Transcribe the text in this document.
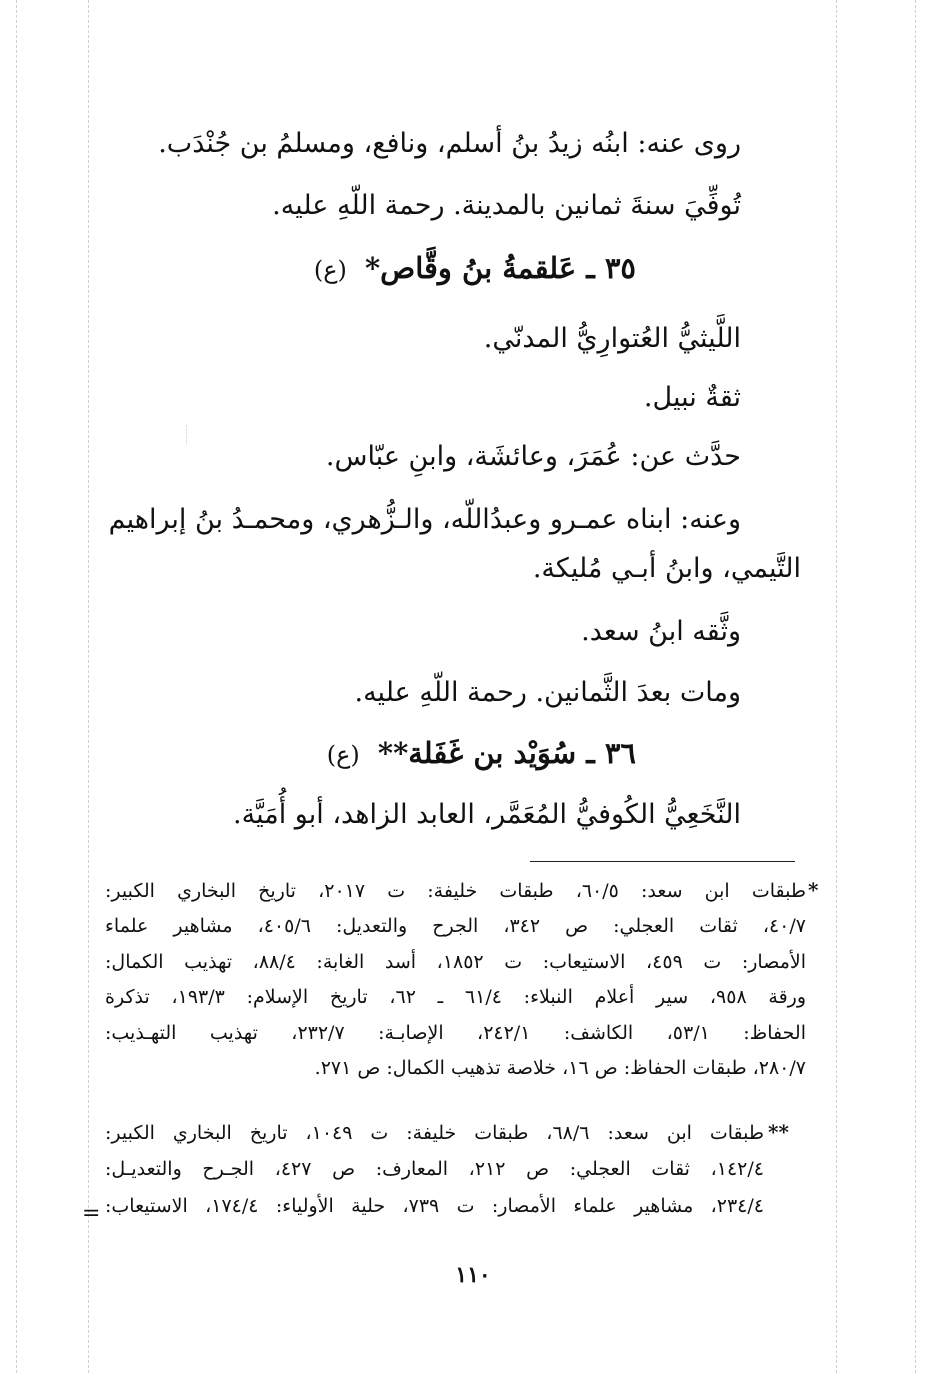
روى عنه: ابنُه زيدُ بنُ أسلم، ونافع، ومسلمُ بن جُنْدَب.
تُوفِّيَ سنةَ ثمانين بالمدينة. رحمة اللّهِ عليه.
٣٥ ـ عَلقمةُ بنُ وقَّاص* (ع)
اللَّيثيُّ العُتوارِيُّ المدنّي.
ثقةٌ نبيل.
حدَّث عن: عُمَرَ، وعائشَة، وابنِ عبّاس.
وعنه: ابناه عمـرو وعبدُاللّه، والـزُّهري، ومحمـدُ بنُ إبراهيم
التَّيمي، وابنُ أبـي مُليكة.
وثَّقه ابنُ سعد.
ومات بعدَ الثَّمانين. رحمة اللّهِ عليه.
٣٦ ـ سُوَيْد بن غَفَلة** (ع)
النَّخَعِيُّ الكُوفيُّ المُعَمَّر، العابد الزاهد، أبو أُمَيَّة.
*
طبقات ابن سعد: ٦٠/٥، طبقات خليفة: ت ٢٠١٧، تاريخ البخاري الكبير:
٤٠/٧، ثقات العجلي: ص ٣٤٢، الجرح والتعديل: ٤٠٥/٦، مشاهير علماء
الأمصار: ت ٤٥٩، الاستيعاب: ت ١٨٥٢، أسد الغابة: ٨٨/٤، تهذيب الكمال:
ورقة ٩٥٨، سير أعلام النبلاء: ٦١/٤ ـ ٦٢، تاريخ الإسلام: ١٩٣/٣، تذكرة
الحفاظ: ٥٣/١، الكاشف: ٢٤٢/١، الإصابـة: ٢٣٢/٧، تهذيب التهـذيب:
٢٨٠/٧، طبقات الحفاظ: ص ١٦، خلاصة تذهيب الكمال: ص ٢٧١.
**
طبقات ابن سعد: ٦٨/٦، طبقات خليفة: ت ١٠٤٩، تاريخ البخاري الكبير:
١٤٢/٤، ثقات العجلي: ص ٢١٢، المعارف: ص ٤٢٧، الجـرح والتعديـل:
٢٣٤/٤، مشاهير علماء الأمصار: ت ٧٣٩، حلية الأولياء: ١٧٤/٤، الاستيعاب:
=
١١٠
